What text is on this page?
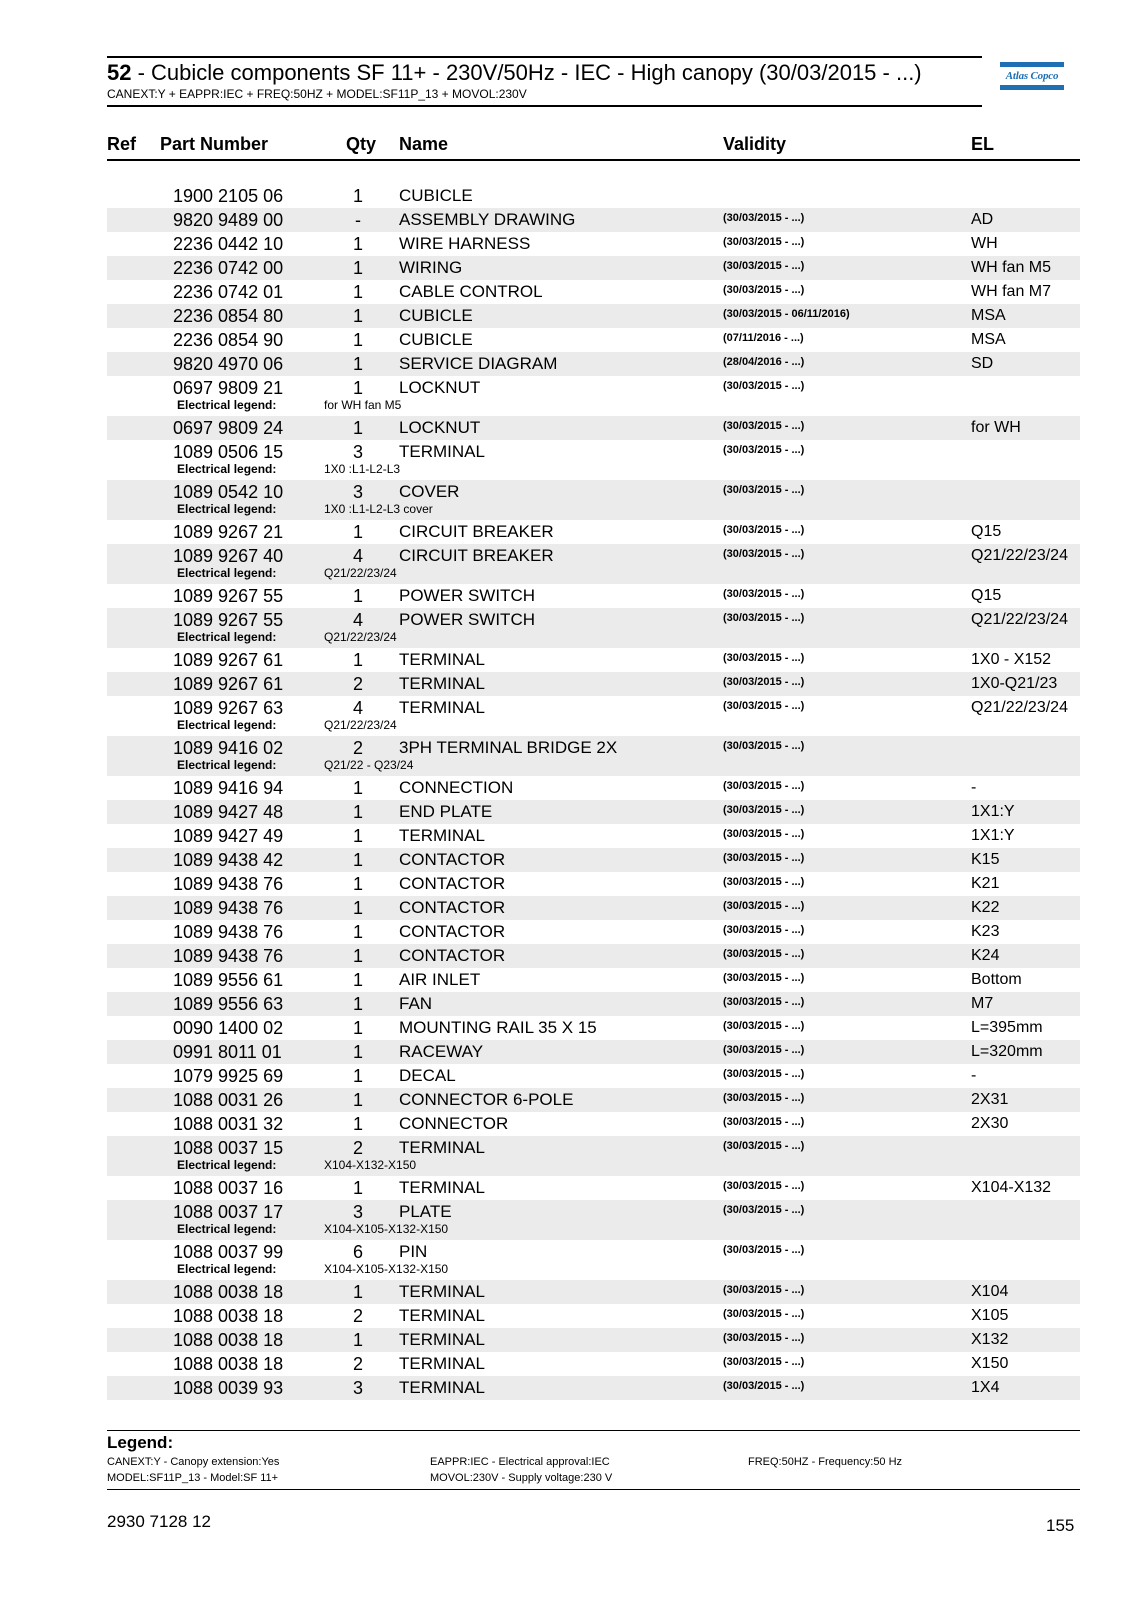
52 - Cubicle components SF 11+ - 230V/50Hz - IEC - High canopy (30/03/2015 - ...)
CANEXT:Y + EAPPR:IEC + FREQ:50HZ + MODEL:SF11P_13 + MOVOL:230V
Atlas Copco
Ref Part Number	Qty Name	Validity	EL
1900 2105 06	1	CUBICLE
9820 9489 00	-	ASSEMBLY DRAWING	(30/03/2015 - ...)	AD
2236 0442 10	1	WIRE HARNESS	(30/03/2015 - ...)	WH
2236 0742 00	1	WIRING	(30/03/2015 - ...)	WH fan M5
2236 0742 01	1	CABLE CONTROL	(30/03/2015 - ...)	WH fan M7
2236 0854 80	1	CUBICLE	(30/03/2015 - 06/11/2016)	MSA
2236 0854 90	1	CUBICLE	(07/11/2016 - ...)	MSA
9820 4970 06	1	SERVICE DIAGRAM	(28/04/2016 - ...)	SD
0697 9809 21	1	LOCKNUT	(30/03/2015 - ...)
Electrical legend:	for WH fan M5
0697 9809 24	1	LOCKNUT	(30/03/2015 - ...)	for WH
1089 0506 15	3	TERMINAL	(30/03/2015 - ...)
Electrical legend:	1X0 :L1-L2-L3
1089 0542 10	3	COVER	(30/03/2015 - ...)
Electrical legend:	1X0 :L1-L2-L3 cover
1089 9267 21	1	CIRCUIT BREAKER	(30/03/2015 - ...)	Q15
1089 9267 40	4	CIRCUIT BREAKER	(30/03/2015 - ...)	Q21/22/23/24
Electrical legend:	Q21/22/23/24
1089 9267 55	1	POWER SWITCH	(30/03/2015 - ...)	Q15
1089 9267 55	4	POWER SWITCH	(30/03/2015 - ...)	Q21/22/23/24
Electrical legend:	Q21/22/23/24
1089 9267 61	1	TERMINAL	(30/03/2015 - ...)	1X0 - X152
1089 9267 61	2	TERMINAL	(30/03/2015 - ...)	1X0-Q21/23
1089 9267 63	4	TERMINAL	(30/03/2015 - ...)	Q21/22/23/24
Electrical legend:	Q21/22/23/24
1089 9416 02	2	3PH TERMINAL BRIDGE 2X	(30/03/2015 - ...)
Electrical legend:	Q21/22 - Q23/24
1089 9416 94	1	CONNECTION	(30/03/2015 - ...)	-
1089 9427 48	1	END PLATE	(30/03/2015 - ...)	1X1:Y
1089 9427 49	1	TERMINAL	(30/03/2015 - ...)	1X1:Y
1089 9438 42	1	CONTACTOR	(30/03/2015 - ...)	K15
1089 9438 76	1	CONTACTOR	(30/03/2015 - ...)	K21
1089 9438 76	1	CONTACTOR	(30/03/2015 - ...)	K22
1089 9438 76	1	CONTACTOR	(30/03/2015 - ...)	K23
1089 9438 76	1	CONTACTOR	(30/03/2015 - ...)	K24
1089 9556 61	1	AIR INLET	(30/03/2015 - ...)	Bottom
1089 9556 63	1	FAN	(30/03/2015 - ...)	M7
0090 1400 02	1	MOUNTING RAIL 35 X 15	(30/03/2015 - ...)	L=395mm
0991 8011 01	1	RACEWAY	(30/03/2015 - ...)	L=320mm
1079 9925 69	1	DECAL	(30/03/2015 - ...)	-
1088 0031 26	1	CONNECTOR 6-POLE	(30/03/2015 - ...)	2X31
1088 0031 32	1	CONNECTOR	(30/03/2015 - ...)	2X30
1088 0037 15	2	TERMINAL	(30/03/2015 - ...)
Electrical legend:	X104-X132-X150
1088 0037 16	1	TERMINAL	(30/03/2015 - ...)	X104-X132
1088 0037 17	3	PLATE	(30/03/2015 - ...)
Electrical legend:	X104-X105-X132-X150
1088 0037 99	6	PIN	(30/03/2015 - ...)
Electrical legend:	X104-X105-X132-X150
1088 0038 18	1	TERMINAL	(30/03/2015 - ...)	X104
1088 0038 18	2	TERMINAL	(30/03/2015 - ...)	X105
1088 0038 18	1	TERMINAL	(30/03/2015 - ...)	X132
1088 0038 18	2	TERMINAL	(30/03/2015 - ...)	X150
1088 0039 93	3	TERMINAL	(30/03/2015 - ...)	1X4
Legend:
CANEXT:Y - Canopy extension:Yes	EAPPR:IEC - Electrical approval:IEC	FREQ:50HZ - Frequency:50 Hz
MODEL:SF11P_13 - Model:SF 11+	MOVOL:230V - Supply voltage:230 V
2930 7128 12	155
